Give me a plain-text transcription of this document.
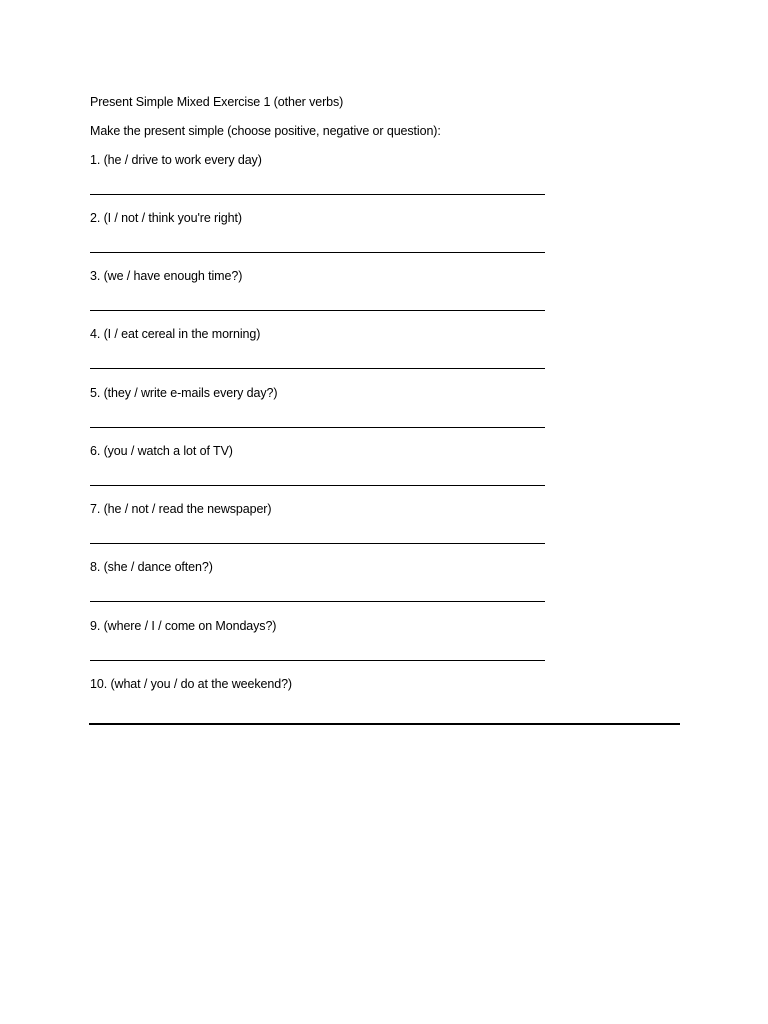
Present Simple Mixed Exercise 1 (other verbs)
Make the present simple (choose positive, negative or question):
1. (he / drive to work every day)
2. (I / not / think you're right)
3. (we / have enough time?)
4. (I / eat cereal in the morning)
5. (they / write e-mails every day?)
6. (you / watch a lot of TV)
7. (he / not / read the newspaper)
8. (she / dance often?)
9. (where / I / come on Mondays?)
10. (what / you / do at the weekend?)
